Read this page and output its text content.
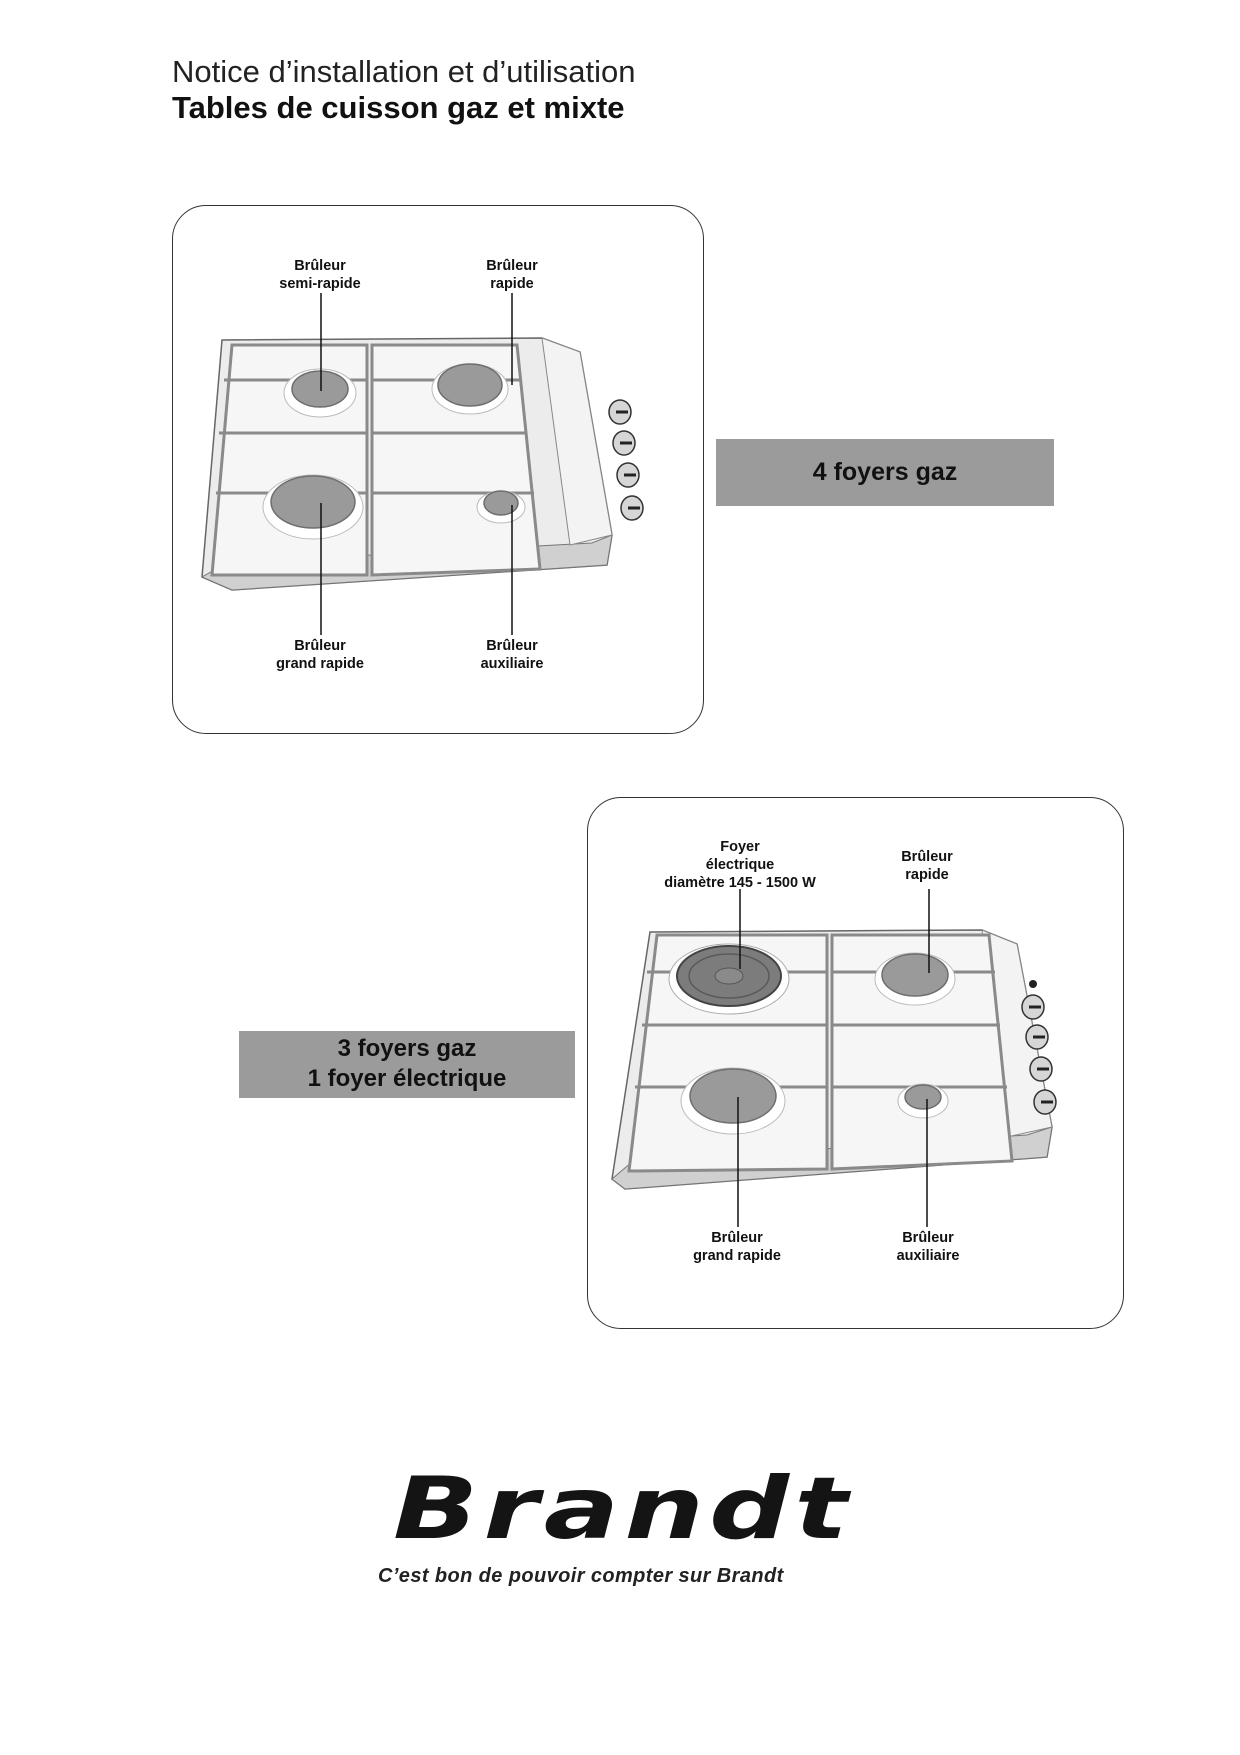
Notice d’installation et d’utilisation
Tables de cuisson gaz et mixte
Brûleur
semi-rapide
Brûleur
rapide
Brûleur
grand rapide
Brûleur
auxiliaire
4 foyers gaz
Foyer
électrique
diamètre 145 - 1500 W
Brûleur
rapide
Brûleur
grand rapide
Brûleur
auxiliaire
3 foyers gaz
1 foyer électrique
Brandt
C’est bon de pouvoir compter sur Brandt
